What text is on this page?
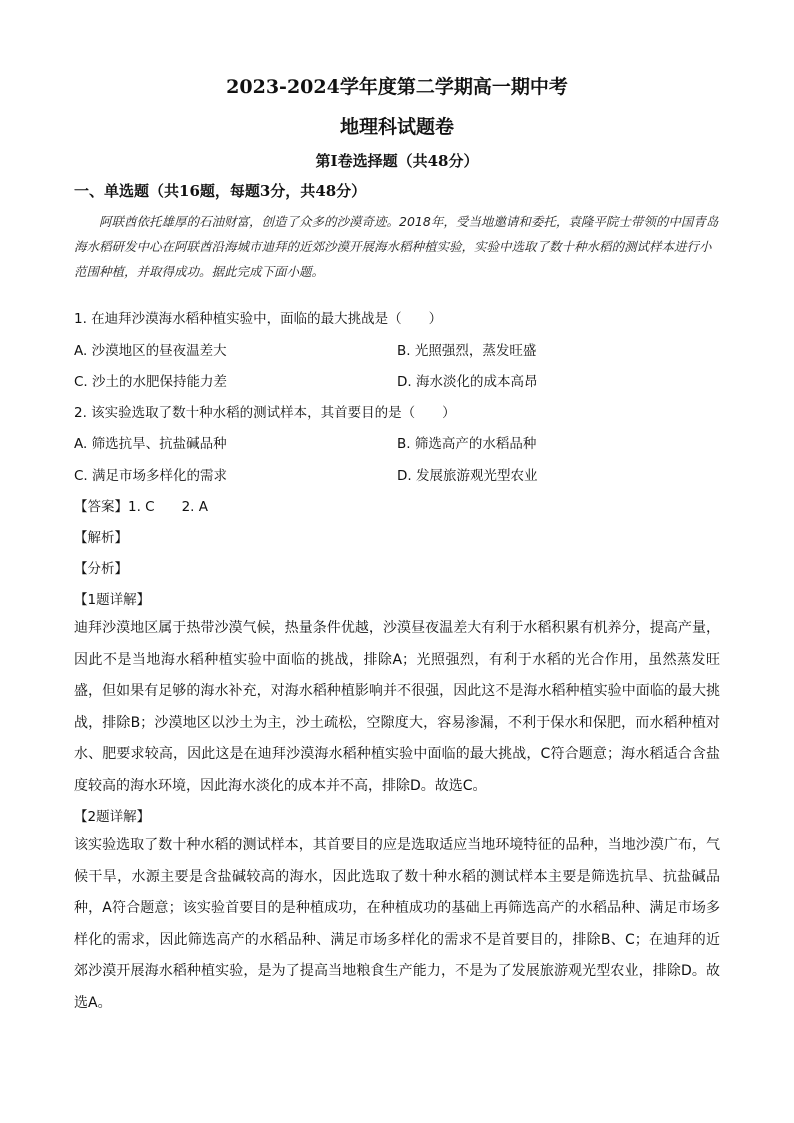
2023-2024学年度第二学期高一期中考
地理科试题卷
第Ⅰ卷选择题（共48分）
一、单选题（共16题，每题3分，共48分）
阿联酋依托雄厚的石油财富，创造了众多的沙漠奇迹。2018年，受当地邀请和委托，袁隆平院士带领的中国青岛海水稻研发中心在阿联酋沿海城市迪拜的近郊沙漠开展海水稻种植实验，实验中选取了数十种水稻的测试样本进行小范围种植，并取得成功。据此完成下面小题。
1. 在迪拜沙漠海水稻种植实验中，面临的最大挑战是（　　）
A. 沙漠地区的昼夜温差大	B. 光照强烈，蒸发旺盛
C. 沙土的水肥保持能力差	D. 海水淡化的成本高昂
2. 该实验选取了数十种水稻的测试样本，其首要目的是（　　）
A. 筛选抗旱、抗盐碱品种	B. 筛选高产的水稻品种
C. 满足市场多样化的需求	D. 发展旅游观光型农业
【答案】1. C　　2. A
【解析】
【分析】
【1题详解】
迪拜沙漠地区属于热带沙漠气候，热量条件优越，沙漠昼夜温差大有利于水稻积累有机养分，提高产量，因此不是当地海水稻种植实验中面临的挑战，排除A；光照强烈，有利于水稻的光合作用，虽然蒸发旺盛，但如果有足够的海水补充，对海水稻种植影响并不很强，因此这不是海水稻种植实验中面临的最大挑战，排除B；沙漠地区以沙土为主，沙土疏松，空隙度大，容易渗漏，不利于保水和保肥，而水稻种植对水、肥要求较高，因此这是在迪拜沙漠海水稻种植实验中面临的最大挑战，C符合题意；海水稻适合含盐度较高的海水环境，因此海水淡化的成本并不高，排除D。故选C。
【2题详解】
该实验选取了数十种水稻的测试样本，其首要目的应是选取适应当地环境特征的品种，当地沙漠广布，气候干旱，水源主要是含盐碱较高的海水，因此选取了数十种水稻的测试样本主要是筛选抗旱、抗盐碱品种，A符合题意；该实验首要目的是种植成功，在种植成功的基础上再筛选高产的水稻品种、满足市场多样化的需求，因此筛选高产的水稻品种、满足市场多样化的需求不是首要目的，排除B、C；在迪拜的近郊沙漠开展海水稻种植实验，是为了提高当地粮食生产能力，不是为了发展旅游观光型农业，排除D。故选A。
